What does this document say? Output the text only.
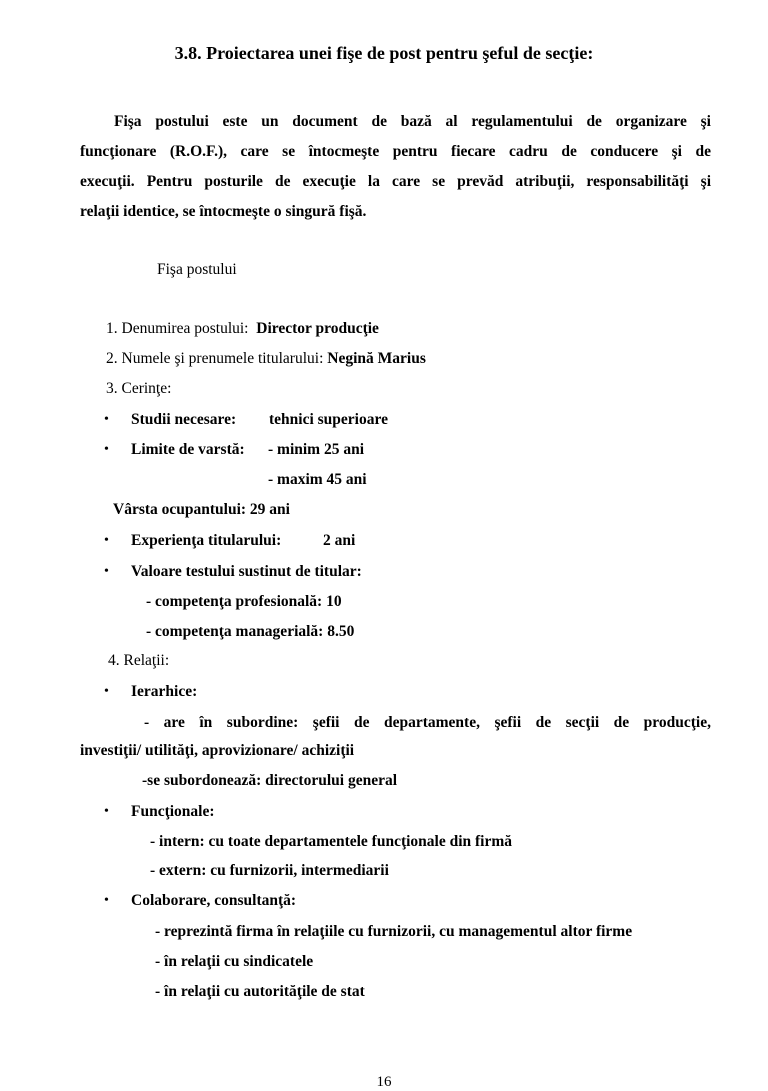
3.8. Proiectarea unei fişe de post pentru şeful de secţie:
Fişa postului este un document de bază al regulamentului de organizare şi
funcţionare (R.O.F.), care se întocmeşte pentru fiecare cadru de conducere şi de
execuţii. Pentru posturile de execuţie la care se prevăd atribuţii, responsabilităţi şi
relaţii identice, se întocmeşte o singură fişă.
Fişa postului
1. Denumirea postului: Director producţie
2. Numele şi prenumele titularului: Negină Marius
3. Cerinţe:
• Studii necesare: tehnici superioare
• Limite de varstă: - minim 25 ani
- maxim 45 ani
Vârsta ocupantului: 29 ani
• Experienţa titularului:	2 ani
• Valoare testului sustinut de titular:
- competenţa profesională: 10
- competenţa managerială: 8.50
4. Relaţii:
• Ierarhice:
- are în subordine: şefii de departamente, şefii de secţii de producţie,
investiţii/ utilităţi, aprovizionare/ achiziţii
-se subordonează: directorului general
• Funcţionale:
- intern: cu toate departamentele funcţionale din firmă
- extern: cu furnizorii, intermediarii
• Colaborare, consultanţă:
- reprezintă firma în relaţiile cu furnizorii, cu managementul altor firme
- în relaţii cu sindicatele
- în relaţii cu autorităţile de stat
16
